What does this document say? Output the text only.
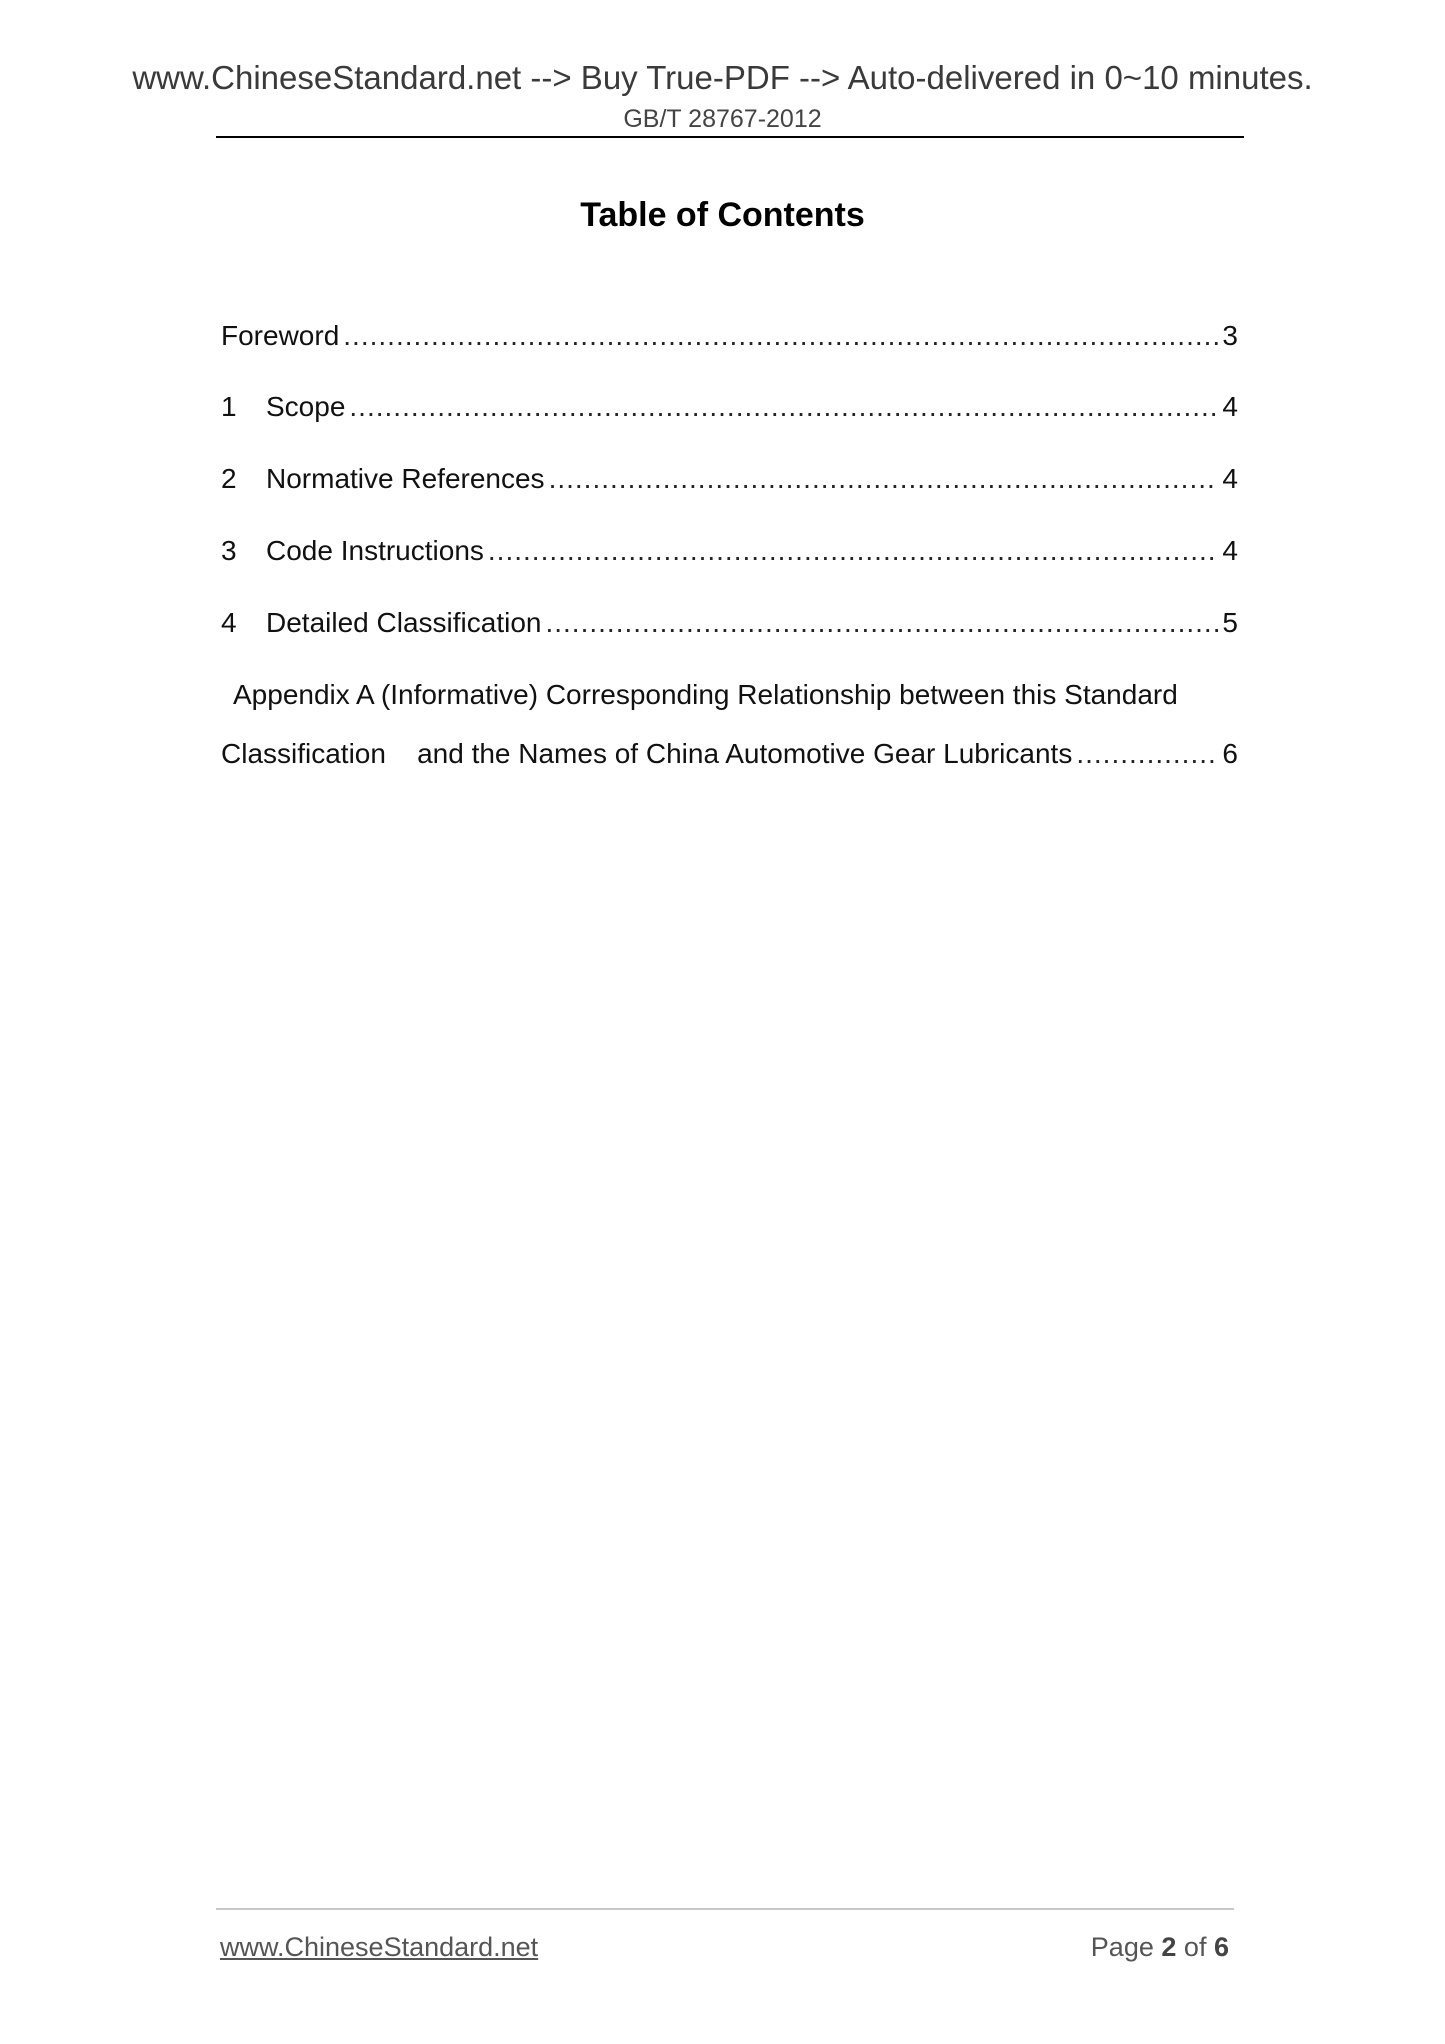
www.ChineseStandard.net --> Buy True-PDF --> Auto-delivered in 0~10 minutes.
GB/T 28767-2012
Table of Contents
Foreword .....	3
1	Scope .....	4
2	Normative References .....	4
3	Code Instructions .....	4
4	Detailed Classification .....	5
Appendix A (Informative) Corresponding Relationship between this Standard
Classification    and the Names of China Automotive Gear Lubricants .....	6
www.ChineseStandard.net	Page 2 of 6
